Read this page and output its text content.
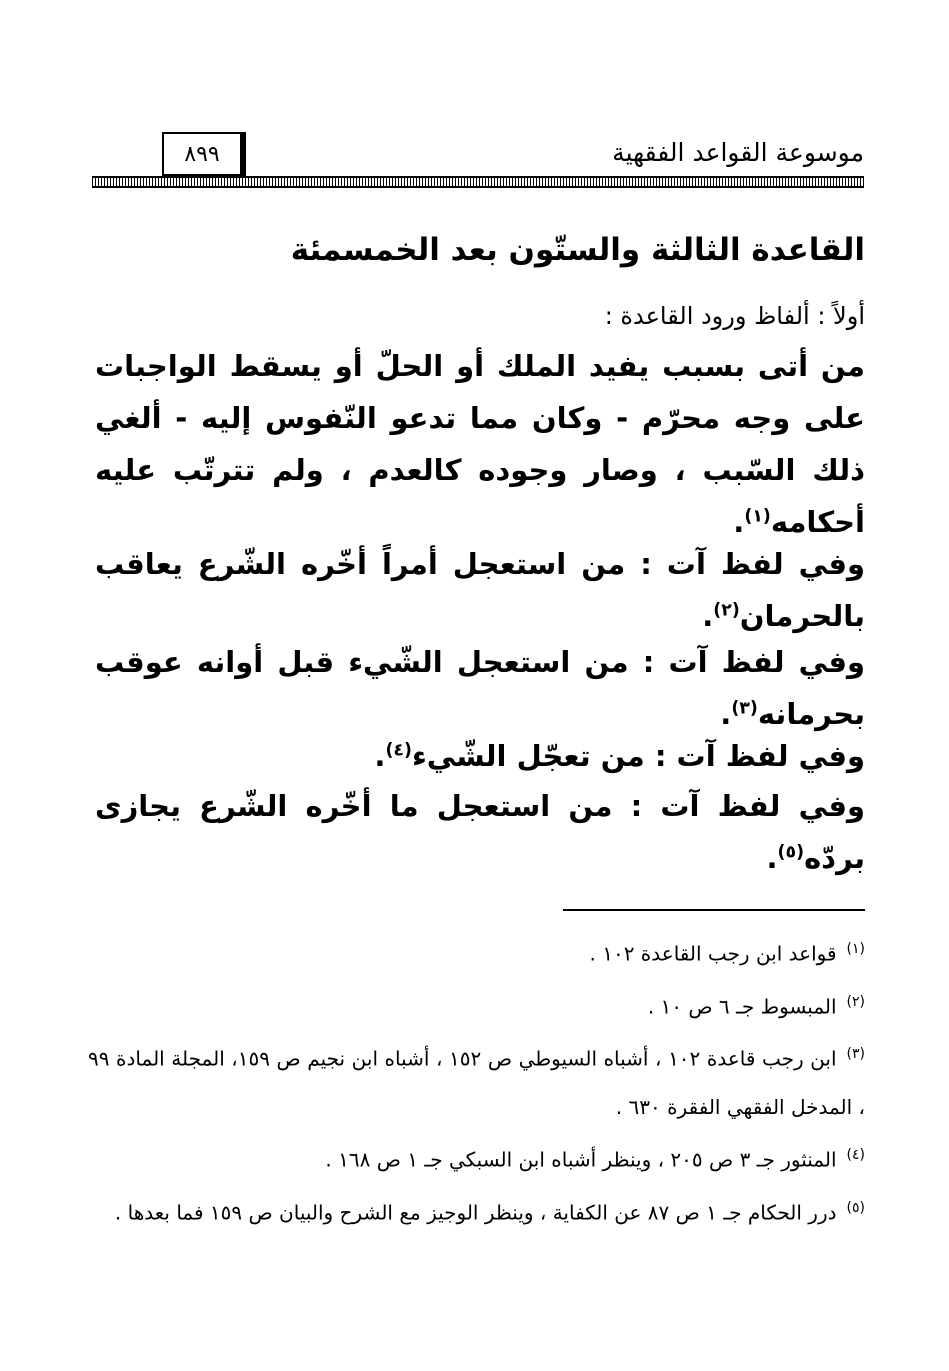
موسوعة القواعد الفقهية
٨٩٩
القاعدة الثالثة والستّون بعد الخمسمئة
أولاً : ألفاظ ورود القاعدة :
من أتى بسبب يفيد الملك أو الحلّ أو يسقط الواجبات على وجه محرّم - وكان مما تدعو النّفوس إليه - ألغي ذلك السّبب ، وصار وجوده كالعدم ، ولم تترتّب عليه أحكامه$^{(١)}$.
وفي لفظ آت : من استعجل أمراً أخّره الشّرع يعاقب بالحرمان$^{(٢)}$.
وفي لفظ آت : من استعجل الشّيء قبل أوانه عوقب بحرمانه$^{(٣)}$.
وفي لفظ آت : من تعجّل الشّيء$^{(٤)}$.
وفي لفظ آت : من استعجل ما أخّره الشّرع يجازى بردّه$^{(٥)}$.
$^{(١)}$قواعد ابن رجب القاعدة ١٠٢ .
$^{(٢)}$المبسوط جـ ٦ ص ١٠ .
$^{(٣)}$ابن رجب قاعدة ١٠٢ ، أشباه السيوطي ص ١٥٢ ، أشباه ابن نجيم ص ١٥٩، المجلة المادة ٩٩ ، المدخل الفقهي الفقرة ٦٣٠ .
$^{(٤)}$المنثور جـ ٣ ص ٢٠٥ ، وينظر أشباه ابن السبكي جـ ١ ص ١٦٨ .
$^{(٥)}$درر الحكام جـ ١ ص ٨٧ عن الكفاية ، وينظر الوجيز مع الشرح والبيان ص ١٥٩ فما بعدها .
